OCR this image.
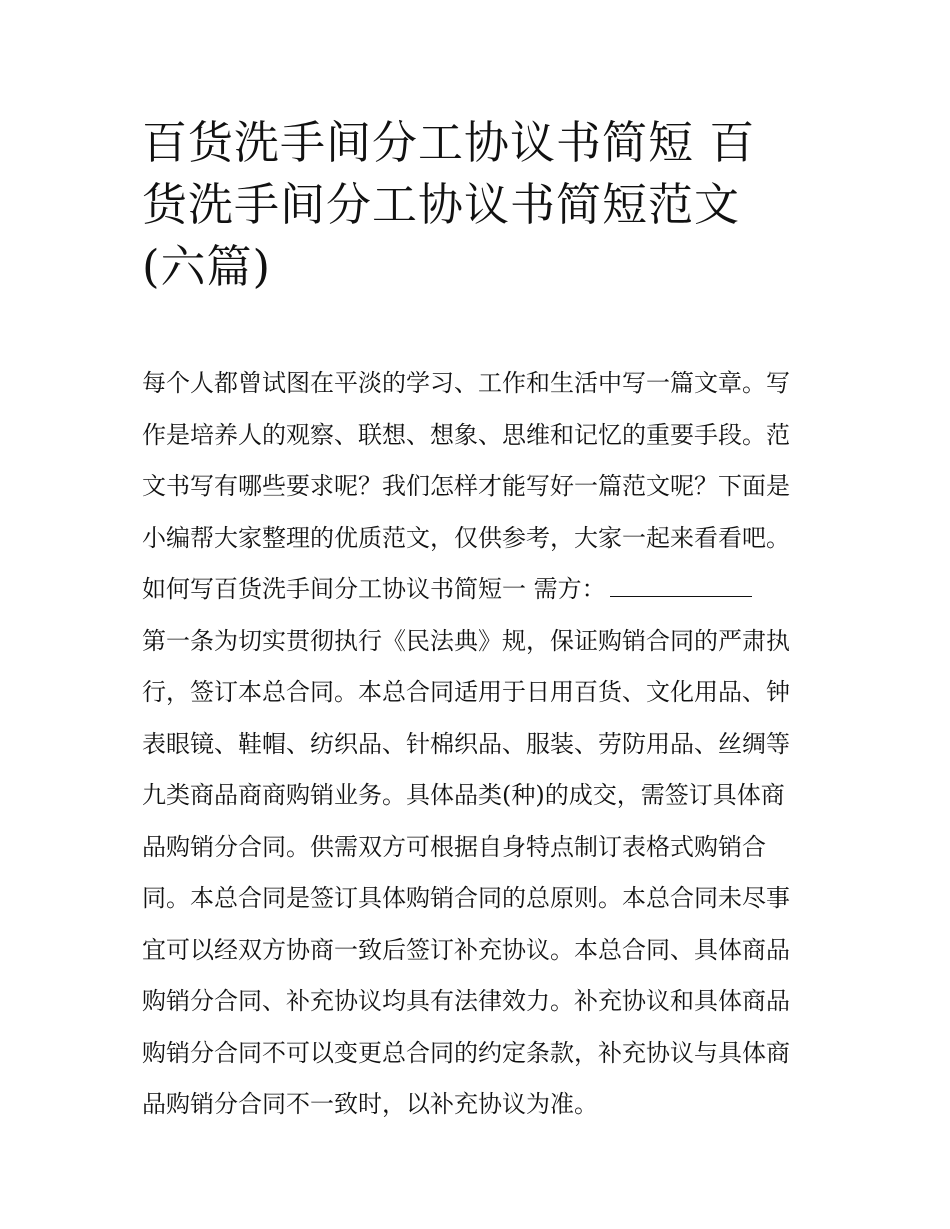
百货洗手间分工协议书简短 百
货洗手间分工协议书简短范文
(六篇)
每个人都曾试图在平淡的学习、工作和生活中写一篇文章。写
作是培养人的观察、联想、想象、思维和记忆的重要手段。范
文书写有哪些要求呢？我们怎样才能写好一篇范文呢？下面是
小编帮大家整理的优质范文，仅供参考，大家一起来看看吧。
如何写百货洗手间分工协议书简短一 需方：
第一条为切实贯彻执行《民法典》规，保证购销合同的严肃执
行，签订本总合同。本总合同适用于日用百货、文化用品、钟
表眼镜、鞋帽、纺织品、针棉织品、服装、劳防用品、丝绸等
九类商品商商购销业务。具体品类(种)的成交，需签订具体商
品购销分合同。供需双方可根据自身特点制订表格式购销合
同。本总合同是签订具体购销合同的总原则。本总合同未尽事
宜可以经双方协商一致后签订补充协议。本总合同、具体商品
购销分合同、补充协议均具有法律效力。补充协议和具体商品
购销分合同不可以变更总合同的约定条款，补充协议与具体商
品购销分合同不一致时，以补充协议为准。
